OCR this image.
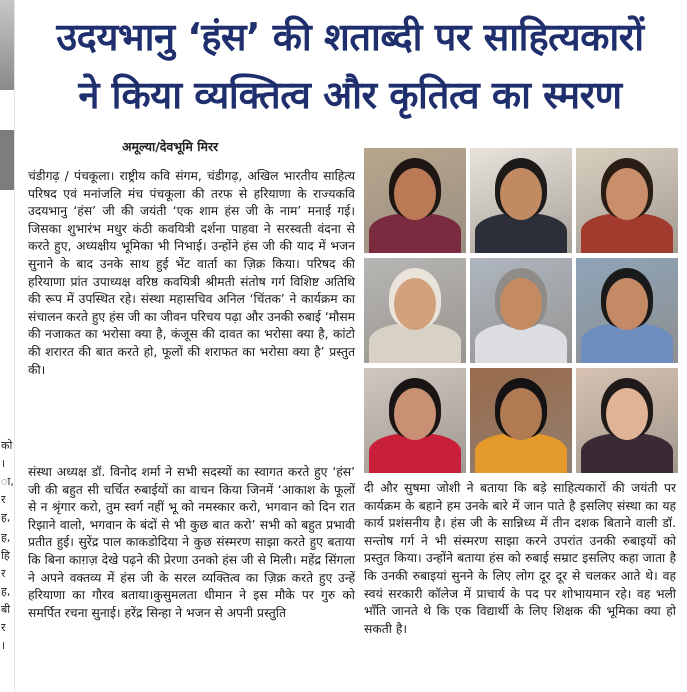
को
।
ा,
र
ह,
ह,
हि
र
ह,
बी
र
।
उदयभानु ‘हंस’ की शताब्दी पर साहित्यकारों
ने किया व्यक्तित्व और कृतित्व का स्मरण
अमूल्या/देवभूमि मिरर

चंडीगढ़ / पंचकूला। राष्ट्रीय कवि संगम, चंडीगढ़, अखिल भारतीय साहित्य परिषद एवं मनांजलि मंच पंचकूला की तरफ से हरियाणा के राज्यकवि उदयभानु ‘हंस’ जी की जयंती ‘एक शाम हंस जी के नाम’ मनाई गई। जिसका शुभारंभ मधुर कंठी कवयित्री दर्शना पाहवा ने सरस्वती वंदना से करते हुए, अध्यक्षीय भूमिका भी निभाई। उन्होंने हंस जी की याद में भजन सुनाने के बाद उनके साथ हुई भेंट वार्ता का ज़िक्र किया। परिषद की हरियाणा प्रांत उपाध्यक्ष वरिष्ठ कवयित्री श्रीमती संतोष गर्ग विशिष्ट अतिथि की रूप में उपस्थित रहे। संस्था महासचिव अनिल ‘चिंतक’ ने कार्यक्रम का संचालन करते हुए हंस जी का जीवन परिचय पढ़ा और उनकी रुबाई ‘मौसम की नजाकत का भरोसा क्या है, कंजूस की दावत का भरोसा क्या है, कांटो की शरारत की बात करते हो, फूलों की शराफत का भरोसा क्या है’ प्रस्तुत की।

संस्था अध्यक्ष डॉ. विनोद शर्मा ने सभी सदस्यों का स्वागत करते हुए ‘हंस’ जी की बहुत सी चर्चित रुबाईयों का वाचन किया जिनमें ‘आकाश के फूलों से न श्रृंगार करो, तुम स्वर्ग नहीं भू को नमस्कार करो, भगवान को दिन रात रिझाने वालो, भगवान के बंदों से भी कुछ बात करो’ सभी को बहुत प्रभावी प्रतीत हुई। सुरेंद्र पाल काकडोदिया ने कुछ संस्मरण साझा करते हुए बताया कि बिना काग़ज़ देखे पढ़ने की प्रेरणा उनको हंस जी से मिली। महेंद्र सिंगला ने अपने वक्तव्य में हंस जी के सरल व्यक्तित्व का ज़िक्र करते हुए उन्हें हरियाणा का गौरव बताया।कुसुमलता धीमान ने इस मौके पर गुरु को समर्पित रचना सुनाई। हरेंद्र सिन्हा ने भजन से अपनी प्रस्तुति

दी और सुषमा जोशी ने बताया कि बड़े साहित्यकारों की जयंती पर कार्यक्रम के बहाने हम उनके बारे में जान पाते है इसलिए संस्था का यह कार्य प्रशंसनीय है। हंस जी के सान्निध्य में तीन दशक बिताने वाली डॉ. सन्तोष गर्ग ने भी संस्मरण साझा करने उपरांत उनकी रुबाइयों को प्रस्तुत किया। उन्होंने बताया हंस को रुबाई सम्राट इसलिए कहा जाता है कि उनकी रुबाइयां सुनने के लिए लोग दूर दूर से चलकर आते थे। वह स्वयं सरकारी कॉलेज में प्राचार्य के पद पर शोभायमान रहे। वह भली भाँति जानते थे कि एक विद्यार्थी के लिए शिक्षक की भूमिका क्या हो सकती है।
